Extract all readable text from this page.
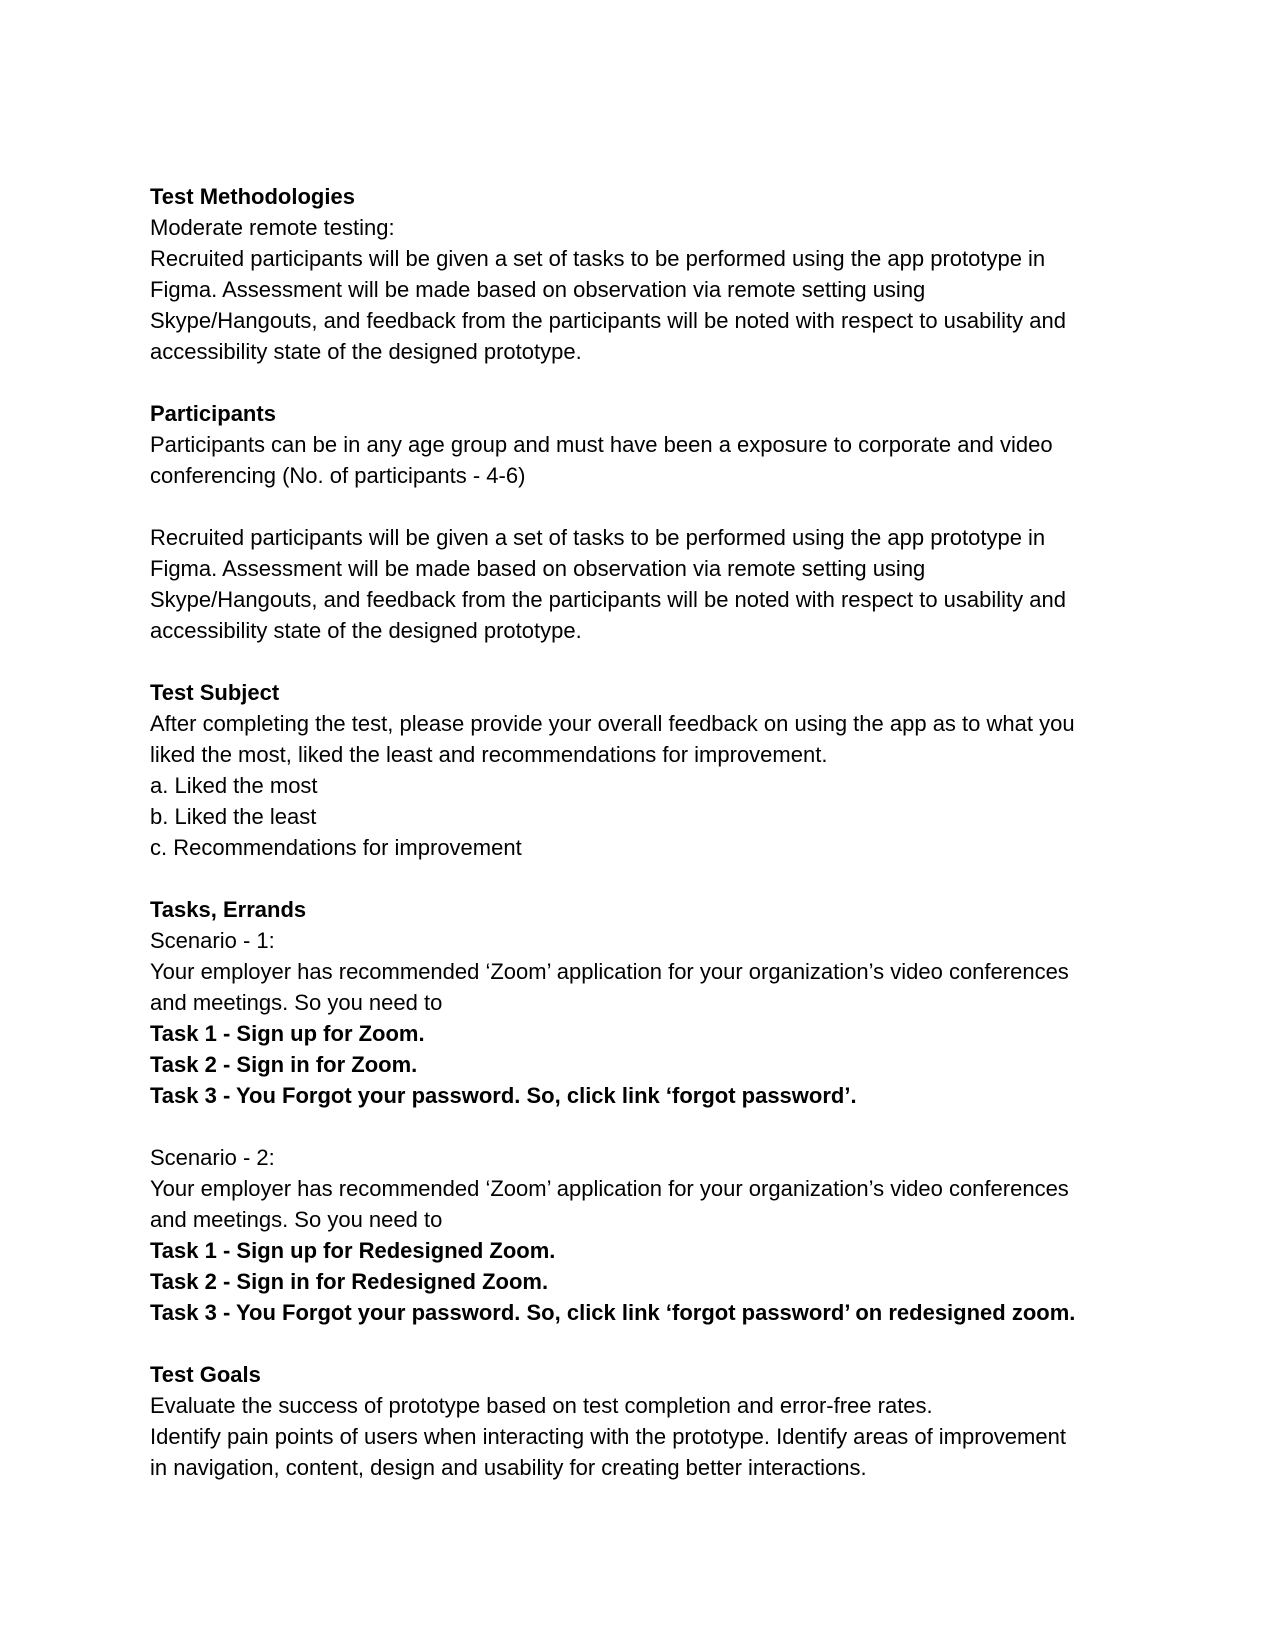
Test Methodologies
Moderate remote testing:
Recruited participants will be given a set of tasks to be performed using the app prototype in
Figma. Assessment will be made based on observation via remote setting using
Skype/Hangouts, and feedback from the participants will be noted with respect to usability and
accessibility state of the designed prototype.
Participants
Participants can be in any age group and must have been a exposure to corporate and video
conferencing (No. of participants - 4-6)
Recruited participants will be given a set of tasks to be performed using the app prototype in
Figma. Assessment will be made based on observation via remote setting using
Skype/Hangouts, and feedback from the participants will be noted with respect to usability and
accessibility state of the designed prototype.
Test Subject
After completing the test, please provide your overall feedback on using the app as to what you
liked the most, liked the least and recommendations for improvement.
a. Liked the most
b. Liked the least
c. Recommendations for improvement
Tasks, Errands
Scenario - 1:
Your employer has recommended ‘Zoom’ application for your organization’s video conferences
and meetings. So you need to
Task 1 - Sign up for Zoom.
Task 2 - Sign in for Zoom.
Task 3 - You Forgot your password. So, click link ‘forgot password’.
Scenario - 2:
Your employer has recommended ‘Zoom’ application for your organization’s video conferences
and meetings. So you need to
Task 1 - Sign up for Redesigned Zoom.
Task 2 - Sign in for Redesigned Zoom.
Task 3 - You Forgot your password. So, click link ‘forgot password’ on redesigned zoom.
Test Goals
Evaluate the success of prototype based on test completion and error-free rates.
Identify pain points of users when interacting with the prototype. Identify areas of improvement
in navigation, content, design and usability for creating better interactions.
